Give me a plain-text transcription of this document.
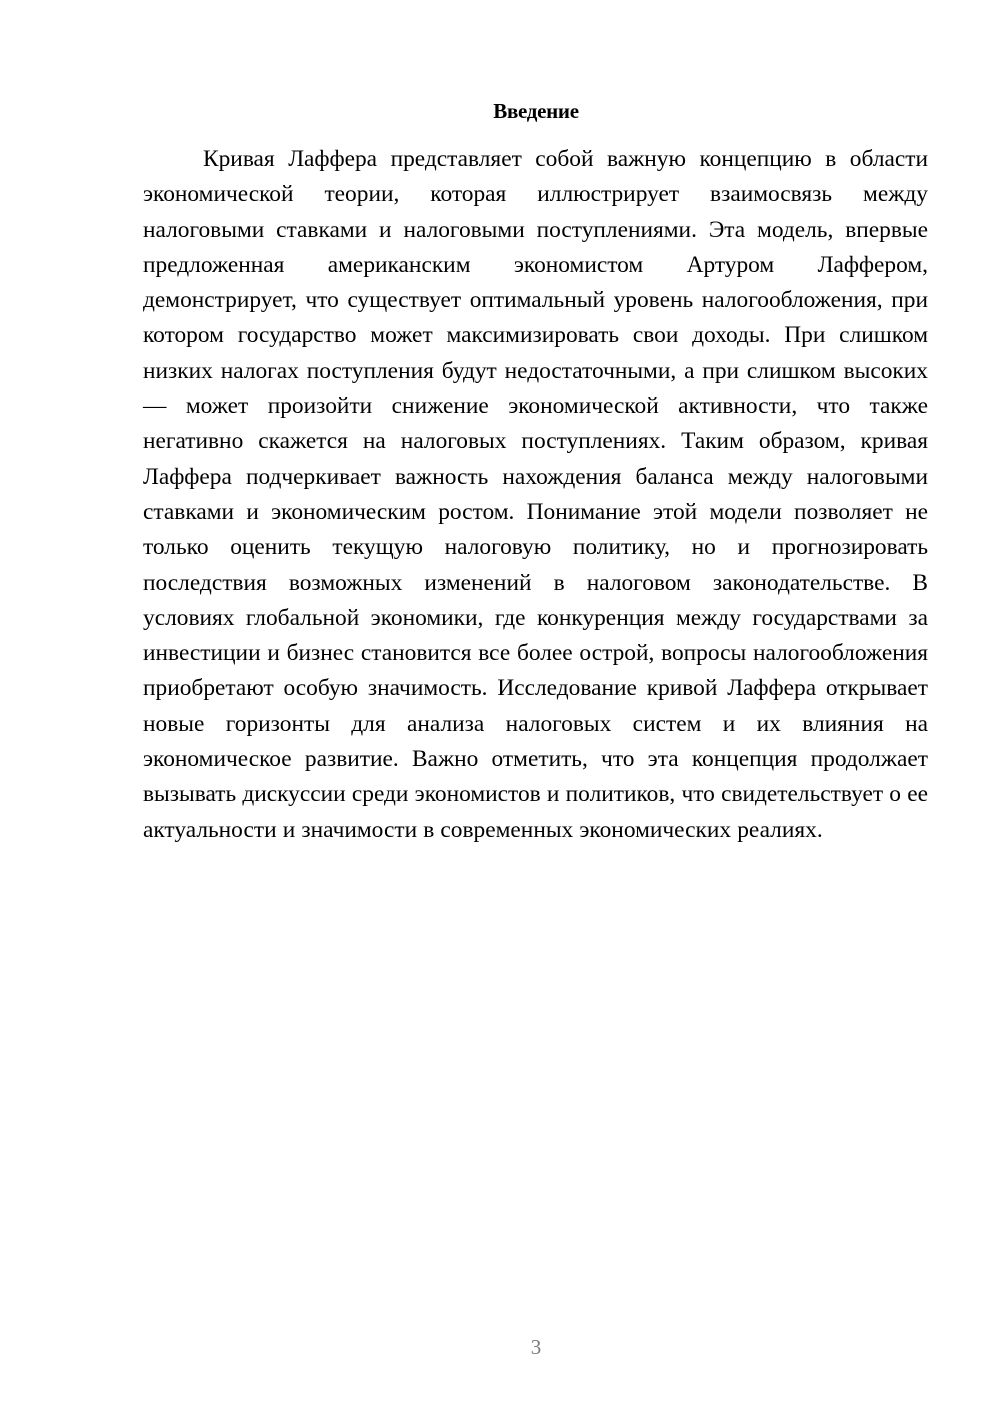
Введение

Кривая Лаффера представляет собой важную концепцию в области экономической теории, которая иллюстрирует взаимосвязь между налоговыми ставками и налоговыми поступлениями. Эта модель, впервые предложенная американским экономистом Артуром Лаффером, демонстрирует, что существует оптимальный уровень налогообложения, при котором государство может максимизировать свои доходы. При слишком низких налогах поступления будут недостаточными, а при слишком высоких — может произойти снижение экономической активности, что также негативно скажется на налоговых поступлениях. Таким образом, кривая Лаффера подчеркивает важность нахождения баланса между налоговыми ставками и экономическим ростом. Понимание этой модели позволяет не только оценить текущую налоговую политику, но и прогнозировать последствия возможных изменений в налоговом законодательстве. В условиях глобальной экономики, где конкуренция между государствами за инвестиции и бизнес становится все более острой, вопросы налогообложения приобретают особую значимость. Исследование кривой Лаффера открывает новые горизонты для анализа налоговых систем и их влияния на экономическое развитие. Важно отметить, что эта концепция продолжает вызывать дискуссии среди экономистов и политиков, что свидетельствует о ее актуальности и значимости в современных экономических реалиях.

3
